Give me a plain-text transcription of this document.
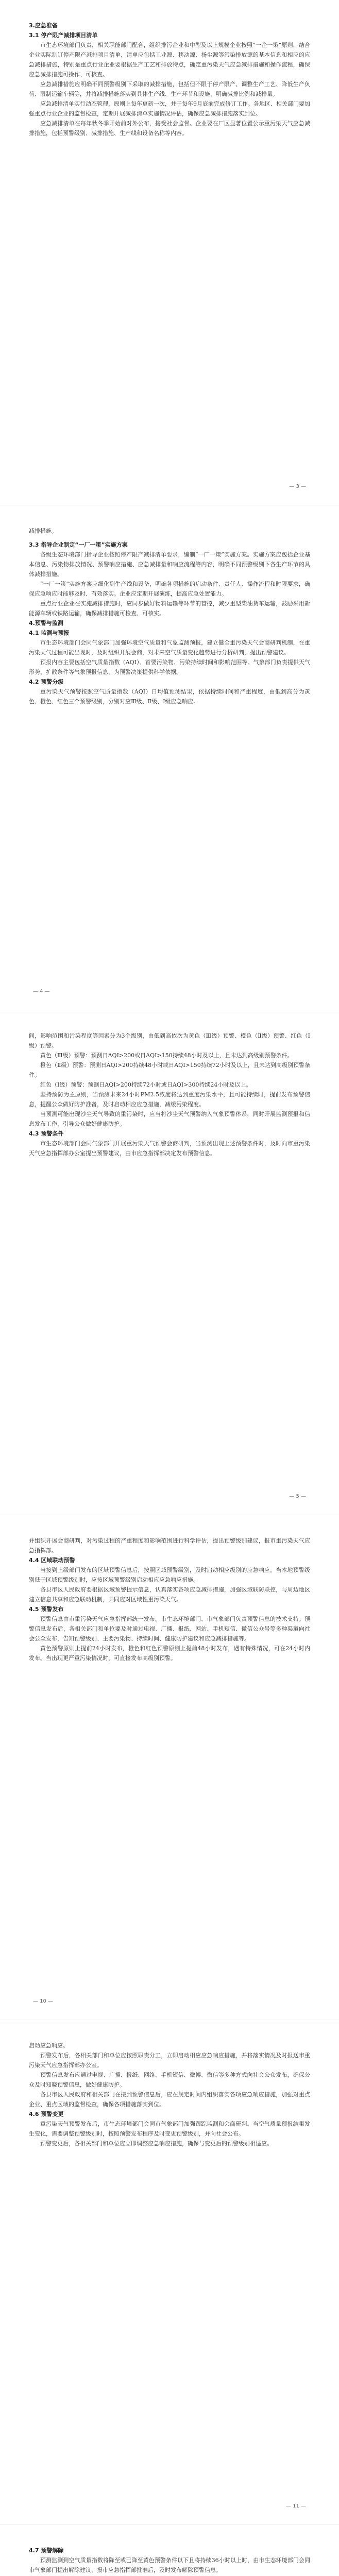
3.应急准备

3.1 停产限产减排项目清单

市生态环境部门负责，相关职能部门配合，组织排污企业和中型及以上规模企业按照“一企一策”原则，结合企业实际制订停产限产减排项目清单，清单应包括工业源、移动源、扬尘源等污染排放源的基本信息和相应的应急减排措施，特别是重点行业企业要根据生产工艺和排放特点，确定重污染天气应急减排措施和操作流程，确保应急减排措施可操作、可核查。

应急减排措施应明确不同预警级别下采取的减排措施，包括但不限于停产限产、调整生产工艺、降低生产负荷、限制运输车辆等，并将减排措施落实到具体生产线、生产环节和设施，明确减排比例和减排量。

应急减排清单实行动态管理，原则上每年更新一次，并于每年9月底前完成修订工作。各地区、相关部门要加强重点行业企业的监督检查，定期开展减排清单实施情况评估，确保应急减排措施落实到位。

应急减排清单在每年秋冬季开始前对外公布，接受社会监督。企业要在厂区显著位置公示重污染天气应急减排措施，包括预警级别、减排措施、生产线和设备名称等内容。

— 3 —

减排措施。

3.3 指导企业制定“一厂一策”实施方案

各级生态环境部门指导企业按照停产限产减排清单要求，编制“一厂一策”实施方案。实施方案应包括企业基本信息、污染物排放情况、预警响应措施、应急减排量和响应流程等内容，明确不同预警级别下各生产环节的具体减排措施。

“一厂一策”实施方案应细化到生产线和设备，明确各项措施的启动条件、责任人、操作流程和时限要求，确保应急响应时能够及时、有效落实。企业应定期开展演练，提高应急处置能力。

重点行业企业在实施减排措施时，应同步做好物料运输等环节的管控，减少重型柴油货车运输，鼓励采用新能源车辆或铁路运输，确保减排措施可检查、可核实。

4.预警与监测

4.1 监测与预报

市生态环境部门会同气象部门加强环境空气质量和气象监测预报，建立健全重污染天气会商研判机制，在重污染天气过程可能出现时，及时组织开展会商，对未来空气质量变化趋势进行分析研判，提出预警建议。

预报内容主要包括空气质量指数（AQI）、首要污染物、污染持续时间和影响范围等。气象部门负责提供天气形势、扩散条件等气象预报信息，为预警决策提供科学依据。

4.2 预警分级

重污染天气预警按照空气质量指数（AQI）日均值预测结果，依据持续时间和严重程度，由低到高分为黄色、橙色、红色三个预警级别，分别对应Ⅲ级、Ⅱ级、Ⅰ级应急响应。

— 4 —

间，影响范围和污染程度等因素分为3个级别，由低到高依次为黄色（Ⅲ级）预警、橙色（Ⅱ级）预警、红色（Ⅰ级）预警。

黄色（Ⅲ级）预警：预测日AQI>200或日AQI>150持续48小时及以上，且未达到高级别预警条件。

橙色（Ⅱ级）预警：预测日AQI>200持续48小时或日AQI>150持续72小时及以上，且未达到高级别预警条件。

红色（Ⅰ级）预警：预测日AQI>200持续72小时或日AQI>300持续24小时及以上。

坚持预防为主原则，当预测未来24小时PM2.5浓度将达到重度污染水平，且可能持续时，提前发布预警信息，提醒公众做好防护准备，及时启动相应应急措施，减缓污染程度。

当预测可能出现沙尘天气导致的重污染时，应当将沙尘天气预警纳入气象预警体系，同时开展监测预报和信息发布工作，引导公众做好健康防护。

4.3 预警条件

市生态环境部门会同气象部门开展重污染天气预警会商研判，当预测出现上述预警条件时，及时向市重污染天气应急指挥部办公室提出预警建议，由市应急指挥部决定发布预警信息。

— 5 —

并组织开展会商研判，对污染过程的严重程度和影响范围进行科学评估，提出预警级别建议，报市重污染天气应急指挥部。

4.4 区域联动预警

当接到上级部门发布的区域预警信息后，按照区域预警级别，及时启动相应级别的应急响应。当本地预警级别低于区域预警级别时，应按区域预警级别启动相应应急响应措施。

各县市区人民政府要根据区域预警提示信息，认真落实各项应急减排措施，加强区域联防联控，与周边地区建立信息共享和应急联动机制，共同应对区域性重污染天气。

4.5 预警发布

预警信息由市重污染天气应急指挥部统一发布。市生态环境部门、市气象部门负责预警信息的技术支持。预警信息发布后，各相关部门和单位要及时通过电视、广播、报纸、网站、手机短信、微信公众号等多种渠道向社会公众发布，告知预警级别、主要污染物、持续时间、健康防护建议和应急减排措施等。

黄色预警原则上提前24小时发布，橙色和红色预警原则上提前48小时发布，遇有特殊情况，可在24小时内发布。当出现更严重污染情况时，可直接发布高级别预警。

— 10 —

启动应急响应。

预警发布后，各相关部门和单位应按照职责分工，立即启动相应应急响应措施，并将落实情况及时报送市重污染天气应急指挥部办公室。

预警信息发布应通过电视、广播、报纸、网络、手机短信、微博、微信等多种方式向社会公众发布，确保公众及时知晓预警信息，做好健康防护。

各县市区人民政府和相关部门在接到预警信息后，应在规定时间内组织落实各项应急响应措施，加强对重点企业、重点区域的监督检查，确保各项措施落实到位。

4.6 预警变更

重污染天气预警发布后，市生态环境部门会同市气象部门加强跟踪监测和会商研判。当空气质量预报结果发生变化，需要调整预警级别时，按照预警发布程序及时变更预警级别，并向社会公布。

预警变更后，各相关部门和单位应立即调整应急响应措施，确保与变更后的预警级别相适应。

— 11 —

4.7 预警解除

预测监测到空气质量指数将降至或已降至黄色预警条件以下且将持续36小时以上时，由市生态环境部门会同市气象部门提出解除建议，报市应急指挥部批准后，及时发布解除预警信息。
